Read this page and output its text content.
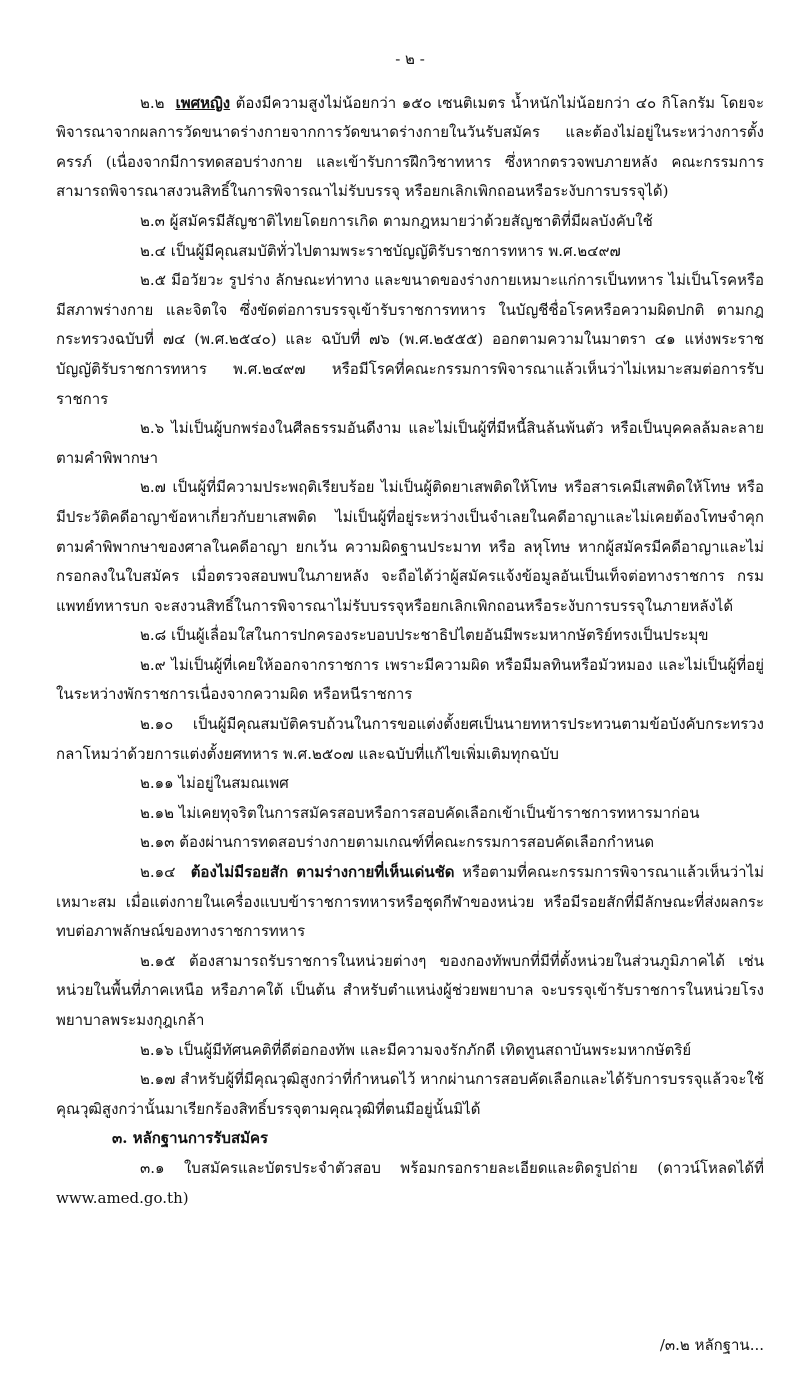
- ๒ -

๒.๒ เพศหญิง ต้องมีความสูงไม่น้อยกว่า ๑๕๐ เซนติเมตร น้ำหนักไม่น้อยกว่า ๔๐ กิโลกรัม โดยจะพิจารณาจากผลการวัดขนาดร่างกายจากการวัดขนาดร่างกายในวันรับสมัคร และต้องไม่อยู่ในระหว่างการตั้งครรภ์ (เนื่องจากมีการทดสอบร่างกาย และเข้ารับการฝึกวิชาทหาร ซึ่งหากตรวจพบภายหลัง คณะกรรมการสามารถพิจารณาสงวนสิทธิ์ในการพิจารณาไม่รับบรรจุ หรือยกเลิกเพิกถอนหรือระงับการบรรจุได้)

๒.๓ ผู้สมัครมีสัญชาติไทยโดยการเกิด ตามกฎหมายว่าด้วยสัญชาติที่มีผลบังคับใช้

๒.๔ เป็นผู้มีคุณสมบัติทั่วไปตามพระราชบัญญัติรับราชการทหาร พ.ศ.๒๔๙๗

๒.๕ มีอวัยวะ รูปร่าง ลักษณะท่าทาง และขนาดของร่างกายเหมาะแก่การเป็นทหาร ไม่เป็นโรคหรือมีสภาพร่างกาย และจิตใจ ซึ่งขัดต่อการบรรจุเข้ารับราชการทหาร ในบัญชีชื่อโรคหรือความผิดปกติ ตามกฎกระทรวงฉบับที่ ๗๔ (พ.ศ.๒๕๔๐) และ ฉบับที่ ๗๖ (พ.ศ.๒๕๕๕) ออกตามความในมาตรา ๔๑ แห่งพระราชบัญญัติรับราชการทหาร พ.ศ.๒๔๙๗ หรือมีโรคที่คณะกรรมการพิจารณาแล้วเห็นว่าไม่เหมาะสมต่อการรับราชการ

๒.๖ ไม่เป็นผู้บกพร่องในศีลธรรมอันดีงาม และไม่เป็นผู้ที่มีหนี้สินล้นพ้นตัว หรือเป็นบุคคลล้มละลายตามคำพิพากษา

๒.๗ เป็นผู้ที่มีความประพฤติเรียบร้อย ไม่เป็นผู้ติดยาเสพติดให้โทษ หรือสารเคมีเสพติดให้โทษ หรือมีประวัติคดีอาญาข้อหาเกี่ยวกับยาเสพติด ไม่เป็นผู้ที่อยู่ระหว่างเป็นจำเลยในคดีอาญาและไม่เคยต้องโทษจำคุกตามคำพิพากษาของศาลในคดีอาญา ยกเว้น ความผิดฐานประมาท หรือ ลหุโทษ หากผู้สมัครมีคดีอาญาและไม่กรอกลงในใบสมัคร เมื่อตรวจสอบพบในภายหลัง จะถือได้ว่าผู้สมัครแจ้งข้อมูลอันเป็นเท็จต่อทางราชการ กรมแพทย์ทหารบก จะสงวนสิทธิ์ในการพิจารณาไม่รับบรรจุหรือยกเลิกเพิกถอนหรือระงับการบรรจุในภายหลังได้

๒.๘ เป็นผู้เลื่อมใสในการปกครองระบอบประชาธิปไตยอันมีพระมหากษัตริย์ทรงเป็นประมุข

๒.๙ ไม่เป็นผู้ที่เคยให้ออกจากราชการ เพราะมีความผิด หรือมีมลทินหรือมัวหมอง และไม่เป็นผู้ที่อยู่ในระหว่างพักราชการเนื่องจากความผิด หรือหนีราชการ

๒.๑๐ เป็นผู้มีคุณสมบัติครบถ้วนในการขอแต่งตั้งยศเป็นนายทหารประทวนตามข้อบังคับกระทรวงกลาโหมว่าด้วยการแต่งตั้งยศทหาร พ.ศ.๒๕๐๗ และฉบับที่แก้ไขเพิ่มเติมทุกฉบับ

๒.๑๑ ไม่อยู่ในสมณเพศ

๒.๑๒ ไม่เคยทุจริตในการสมัครสอบหรือการสอบคัดเลือกเข้าเป็นข้าราชการทหารมาก่อน

๒.๑๓ ต้องผ่านการทดสอบร่างกายตามเกณฑ์ที่คณะกรรมการสอบคัดเลือกกำหนด

๒.๑๔ ต้องไม่มีรอยสัก ตามร่างกายที่เห็นเด่นชัด หรือตามที่คณะกรรมการพิจารณาแล้วเห็นว่าไม่เหมาะสม เมื่อแต่งกายในเครื่องแบบข้าราชการทหารหรือชุดกีฬาของหน่วย หรือมีรอยสักที่มีลักษณะที่ส่งผลกระทบต่อภาพลักษณ์ของทางราชการทหาร

๒.๑๕ ต้องสามารถรับราชการในหน่วยต่างๆ ของกองทัพบกที่มีที่ตั้งหน่วยในส่วนภูมิภาคได้ เช่น หน่วยในพื้นที่ภาคเหนือ หรือภาคใต้ เป็นต้น สำหรับตำแหน่งผู้ช่วยพยาบาล จะบรรจุเข้ารับราชการในหน่วยโรงพยาบาลพระมงกุฎเกล้า

๒.๑๖ เป็นผู้มีทัศนคติที่ดีต่อกองทัพ และมีความจงรักภักดี เทิดทูนสถาบันพระมหากษัตริย์

๒.๑๗ สำหรับผู้ที่มีคุณวุฒิสูงกว่าที่กำหนดไว้ หากผ่านการสอบคัดเลือกและได้รับการบรรจุแล้วจะใช้คุณวุฒิสูงกว่านั้นมาเรียกร้องสิทธิ์บรรจุตามคุณวุฒิที่ตนมีอยู่นั้นมิได้

๓. หลักฐานการรับสมัคร

๓.๑ ใบสมัครและบัตรประจำตัวสอบ พร้อมกรอกรายละเอียดและติดรูปถ่าย (ดาวน์โหลดได้ที่ www.amed.go.th)

/๓.๒ หลักฐาน...
